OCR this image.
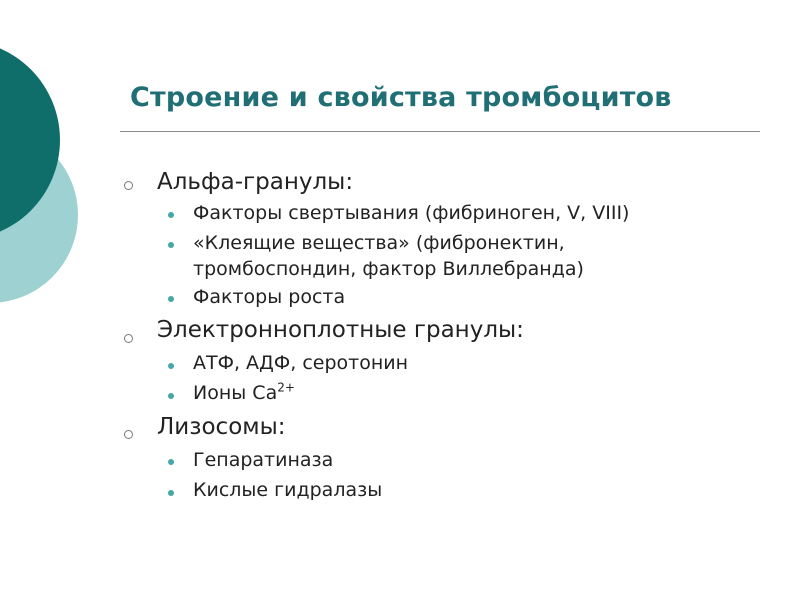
Строение и свойства тромбоцитов
Альфа-гранулы:
Факторы свертывания (фибриноген, V, VIII)
«Клеящие вещества» (фибронектин,
тромбоспондин, фактор Виллебранда)
Факторы роста
Электронноплотные гранулы:
АТФ, АДФ, серотонин
Ионы $Ca^{2+}$
Лизосомы:
Гепаратиназа
Кислые гидралазы
